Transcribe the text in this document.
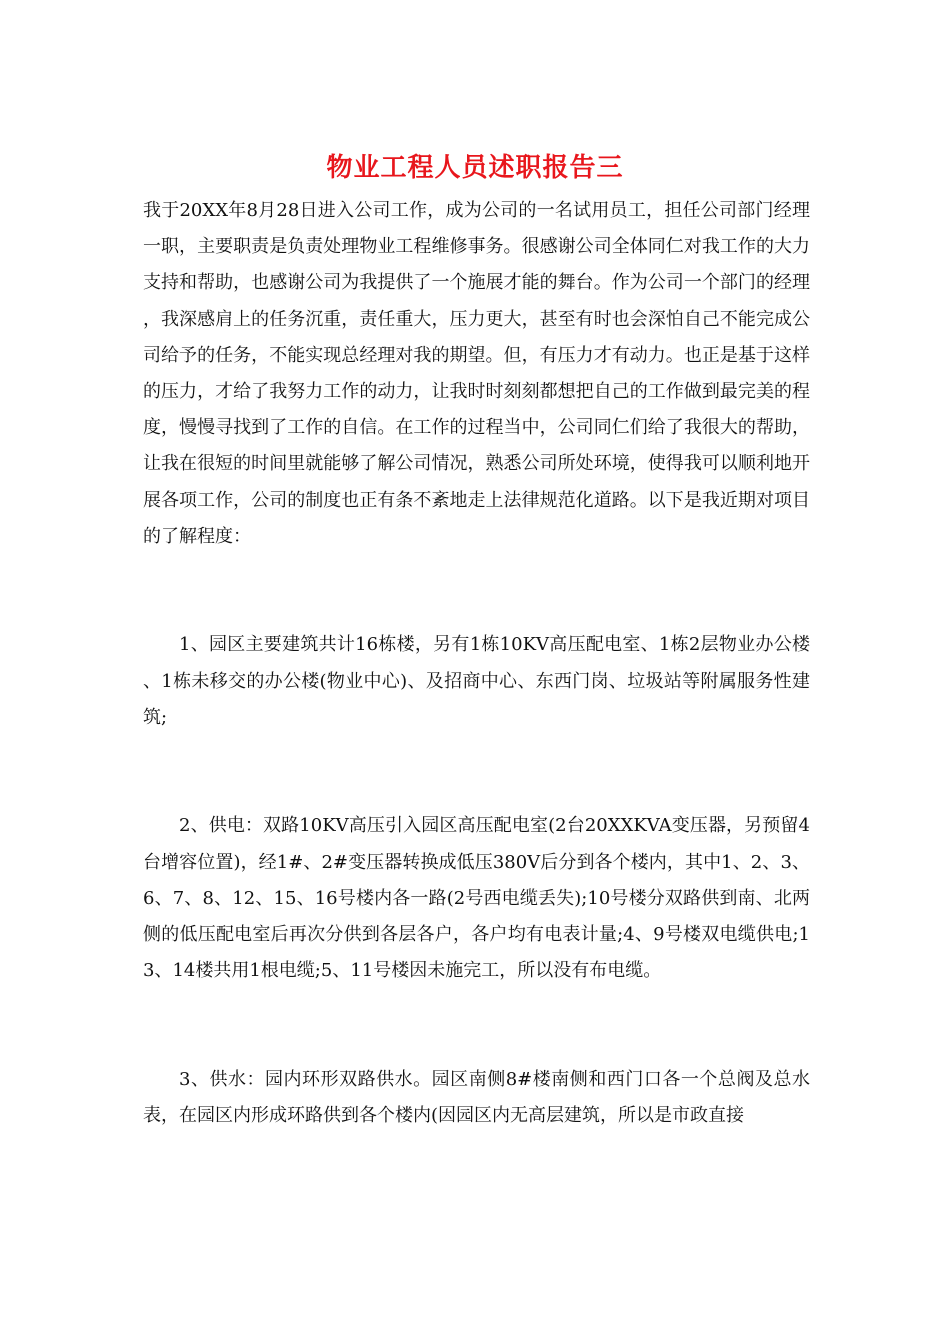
物业工程人员述职报告三

我于20XX年8月28日进入公司工作，成为公司的一名试用员工，担任公司部门经理一职，主要职责是负责处理物业工程维修事务。很感谢公司全体同仁对我工作的大力支持和帮助，也感谢公司为我提供了一个施展才能的舞台。作为公司一个部门的经理，我深感肩上的任务沉重，责任重大，压力更大，甚至有时也会深怕自己不能完成公司给予的任务，不能实现总经理对我的期望。但，有压力才有动力。也正是基于这样的压力，才给了我努力工作的动力，让我时时刻刻都想把自己的工作做到最完美的程度，慢慢寻找到了工作的自信。在工作的过程当中，公司同仁们给了我很大的帮助，让我在很短的时间里就能够了解公司情况，熟悉公司所处环境，使得我可以顺利地开展各项工作，公司的制度也正有条不紊地走上法律规范化道路。以下是我近期对项目的了解程度：

1、园区主要建筑共计16栋楼，另有1栋10KV高压配电室、1栋2层物业办公楼、1栋未移交的办公楼(物业中心)、及招商中心、东西门岗、垃圾站等附属服务性建筑;

2、供电：双路10KV高压引入园区高压配电室(2台20XXKVA变压器，另预留4台增容位置)，经1#、2#变压器转换成低压380V后分到各个楼内，其中1、2、3、6、7、8、12、15、16号楼内各一路(2号西电缆丢失);10号楼分双路供到南、北两侧的低压配电室后再次分供到各层各户，各户均有电表计量;4、9号楼双电缆供电;13、14楼共用1根电缆;5、11号楼因未施完工，所以没有布电缆。

3、供水：园内环形双路供水。园区南侧8#楼南侧和西门口各一个总阀及总水表，在园区内形成环路供到各个楼内(因园区内无高层建筑，所以是市政直接
